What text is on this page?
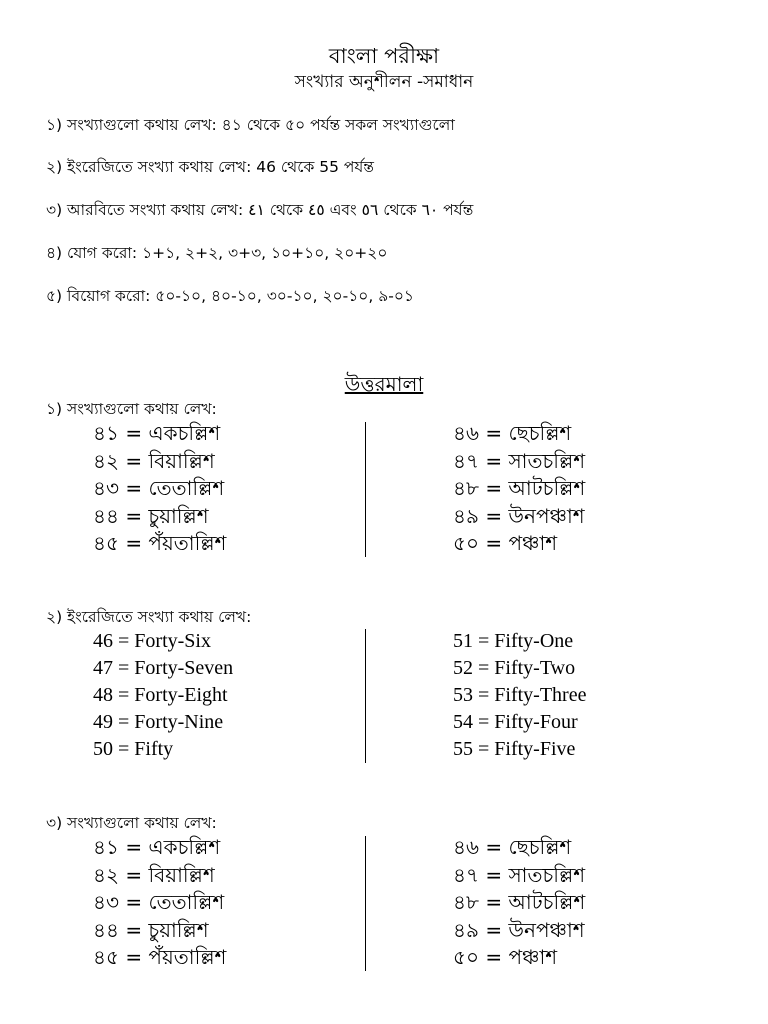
বাংলা পরীক্ষা
সংখ্যার অনুশীলন -সমাধান
১) সংখ্যাগুলো কথায় লেখ: ৪১ থেকে ৫০ পর্যন্ত সকল সংখ্যাগুলো
২) ইংরেজিতে সংখ্যা কথায় লেখ: 46 থেকে 55 পর্যন্ত
৩) আরবিতে সংখ্যা কথায় লেখ: ٤١ থেকে ٤٥ এবং ٥٦ থেকে ٦٠ পর্যন্ত
৪) যোগ করো: ১+১, ২+২, ৩+৩, ১০+১০, ২০+২০
৫) বিয়োগ করো: ৫০-১০, ৪০-১০, ৩০-১০, ২০-১০, ৯-০১
উত্তরমালা
১) সংখ্যাগুলো কথায় লেখ:
৪১ = একচল্লিশ
৪২ = বিয়াল্লিশ
৪৩ = তেতাল্লিশ
৪৪ = চুয়াল্লিশ
৪৫ = পঁয়তাল্লিশ
৪৬ = ছেচল্লিশ
৪৭ = সাতচল্লিশ
৪৮ = আটচল্লিশ
৪৯ = উনপঞ্চাশ
৫০ = পঞ্চাশ
২) ইংরেজিতে সংখ্যা কথায় লেখ:
46 = Forty-Six
47 = Forty-Seven
48 = Forty-Eight
49 = Forty-Nine
50 = Fifty
51 = Fifty-One
52 = Fifty-Two
53 = Fifty-Three
54 = Fifty-Four
55 = Fifty-Five
৩) সংখ্যাগুলো কথায় লেখ:
৪১ = একচল্লিশ
৪২ = বিয়াল্লিশ
৪৩ = তেতাল্লিশ
৪৪ = চুয়াল্লিশ
৪৫ = পঁয়তাল্লিশ
৪৬ = ছেচল্লিশ
৪৭ = সাতচল্লিশ
৪৮ = আটচল্লিশ
৪৯ = উনপঞ্চাশ
৫০ = পঞ্চাশ
